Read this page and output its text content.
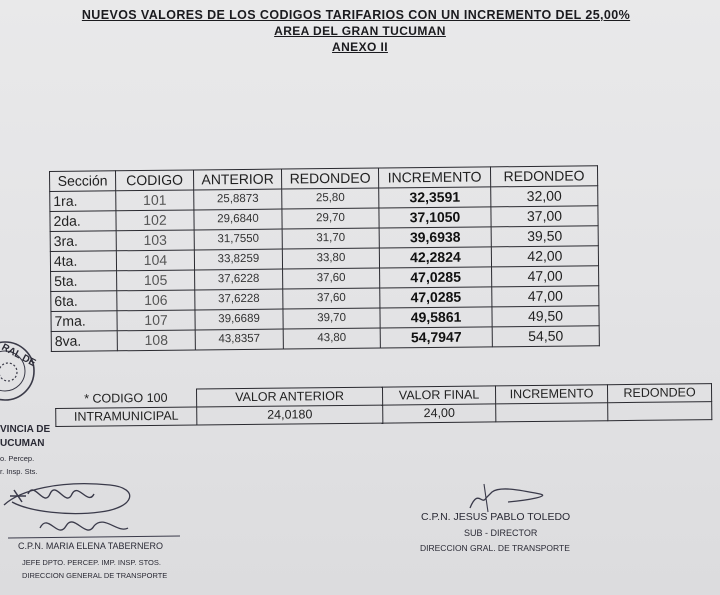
NUEVOS VALORES DE LOS CODIGOS TARIFARIOS CON UN INCREMENTO DEL 25,00%
AREA DEL GRAN TUCUMAN
ANEXO II
Sección	CODIGO	ANTERIOR	REDONDEO	INCREMENTO	REDONDEO
1ra.	101	25,8873	25,80	32,3591	32,00
2da.	102	29,6840	29,70	37,1050	37,00
3ra.	103	31,7550	31,70	39,6938	39,50
4ta.	104	33,8259	33,80	42,2824	42,00
5ta.	105	37,6228	37,60	47,0285	47,00
6ta.	106	37,6228	37,60	47,0285	47,00
7ma.	107	39,6689	39,70	49,5861	49,50
8va.	108	43,8357	43,80	54,7947	54,50
* CODIGO 100	VALOR ANTERIOR	VALOR FINAL	INCREMENTO	REDONDEO
INTRAMUNICIPAL	24,0180	24,00		
RAL DE
VINCIA DE
UCUMAN
o. Percep.
r. Insp. Sts.
C.P.N. MARIA ELENA TABERNERO
JEFE DPTO. PERCEP. IMP. INSP. STOS.
DIRECCION GENERAL DE TRANSPORTE
C.P.N. JESUS PABLO TOLEDO
SUB - DIRECTOR
DIRECCION GRAL. DE TRANSPORTE
